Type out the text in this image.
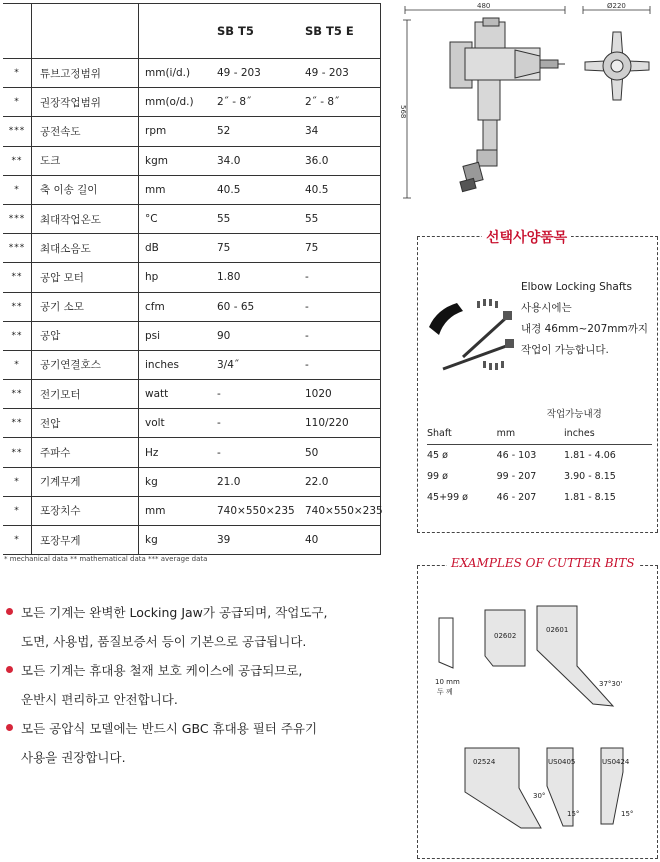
			SB T5	SB T5 E
*	튜브고정범위	mm(i/d.)	49 - 203	49 - 203
*	권장작업범위	mm(o/d.)	2˝ - 8˝	2˝ - 8˝
***	공전속도	rpm	52	34
**	도크	kgm	34.0	36.0
*	축 이송 길이	mm	40.5	40.5
***	최대작업온도	°C	55	55
***	최대소음도	dB	75	75
**	공압 모터	hp	1.80	-
**	공기 소모	cfm	60 - 65	-
**	공압	psi	90	-
*	공기연결호스	inches	3/4˝	-
**	전기모터	watt	-	1020
**	전압	volt	-	110/220
**	주파수	Hz	-	50
*	기계무게	kg	21.0	22.0
*	포장치수	mm	740×550×235	740×550×235
*	포장무게	kg	39	40
* mechanical data ** mathematical data *** average data
모든 기계는 완벽한 Locking Jaw가 공급되며, 작업도구,
도면, 사용법, 품질보증서 등이 기본으로 공급됩니다.
모든 기계는 휴대용 철재 보호 케이스에 공급되므로,
운반시 편리하고 안전합니다.
모든 공압식 모델에는 반드시 GBC 휴대용 필터 주유기
사용을 권장합니다.
480	Ø220
568
선택사양품목
Elbow Locking Shafts
사용시에는
내경 46mm~207mm까지
작업이 가능합니다.
	작업가능내경	
Shaft	mm	inches
45 ø	46 - 103	1.81 - 4.06
99 ø	99 - 207	3.90 - 8.15
45+99 ø	46 - 207	1.81 - 8.15
EXAMPLES OF CUTTER BITS
02602
02601
02524	US0405	US0424
10 mm
두 께
37°30'
30°
15°	15°
